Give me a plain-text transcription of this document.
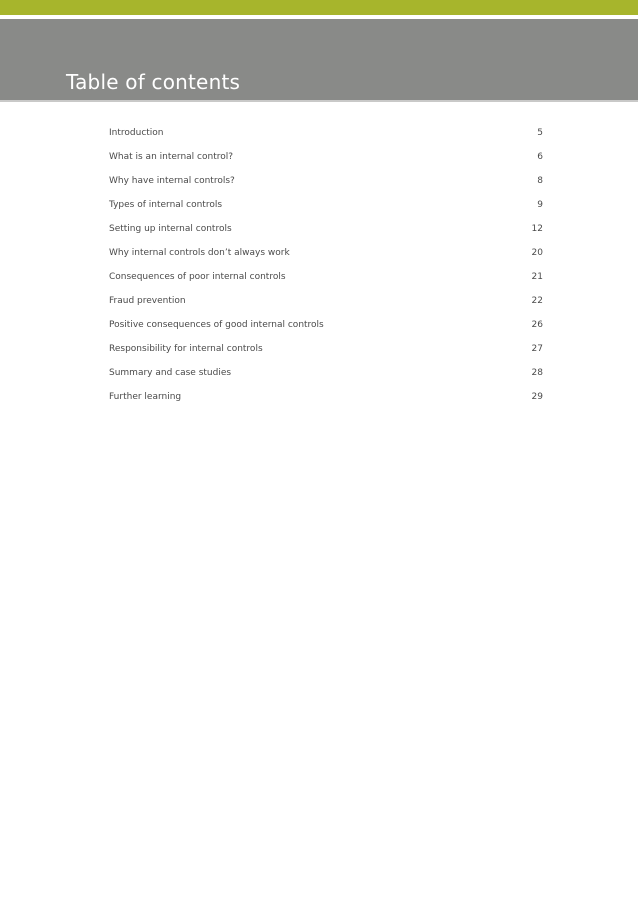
Table of contents
Introduction	5
What is an internal control?	6
Why have internal controls?	8
Types of internal controls	9
Setting up internal controls	12
Why internal controls don’t always work	20
Consequences of poor internal controls	21
Fraud prevention	22
Positive consequences of good internal controls	26
Responsibility for internal controls	27
Summary and case studies	28
Further learning	29
